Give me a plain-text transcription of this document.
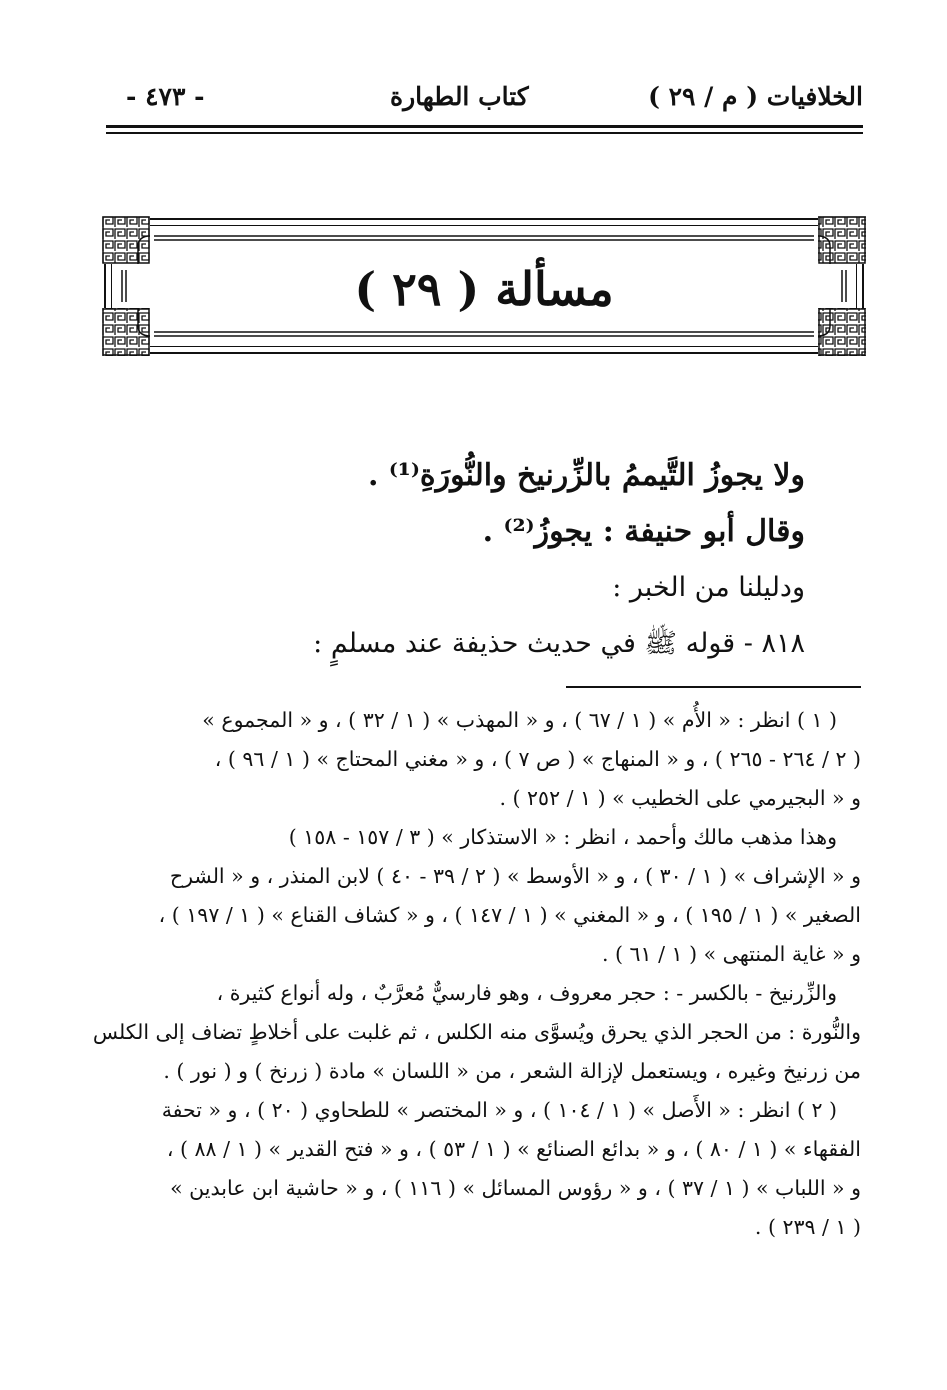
الخلافيات ( م / ٢٩ )
كتاب الطهارة
- ٤٧٣ -
مسألة ( ٢٩ )
ولا يجوزُ التَّيممُ بالزِّرنيخ والنُّورَةِ⁽¹⁾ .
وقال أبو حنيفة : يجوزُ⁽²⁾ .
ودليلنا من الخبر :
٨١٨ - قوله ﷺ في حديث حذيفة عند مسلمٍ :
( ١ ) انظر : « الأُم » ( ١ / ٦٧ ) ، و « المهذب » ( ١ / ٣٢ ) ، و « المجموع »
( ٢ / ٢٦٤ - ٢٦٥ ) ، و « المنهاج » ( ص ٧ ) ، و « مغني المحتاج » ( ١ / ٩٦ ) ،
و « البجيرمي على الخطيب » ( ١ / ٢٥٢ ) .
وهذا مذهب مالك وأحمد ، انظر : « الاستذكار » ( ٣ / ١٥٧ - ١٥٨ )
و « الإشراف » ( ١ / ٣٠ ) ، و « الأوسط » ( ٢ / ٣٩ - ٤٠ ) لابن المنذر ، و « الشرح
الصغير » ( ١ / ١٩٥ ) ، و « المغني » ( ١ / ١٤٧ ) ، و « كشاف القناع » ( ١ / ١٩٧ ) ،
و « غاية المنتهى » ( ١ / ٦١ ) .
والزِّرنيخ - بالكسر - : حجر معروف ، وهو فارسيٌّ مُعرَّبٌ ، وله أنواع كثيرة ،
والنُّورة : من الحجر الذي يحرق ويُسوَّى منه الكلس ، ثم غلبت على أخلاطٍ تضاف إلى الكلس
من زرنيخ وغيره ، ويستعمل لإزالة الشعر ، من « اللسان » مادة ( زرنخ ) و ( نور ) .
( ٢ ) انظر : « الأَصل » ( ١ / ١٠٤ ) ، و « المختصر » للطحاوي ( ٢٠ ) ، و « تحفة
الفقهاء » ( ١ / ٨٠ ) ، و « بدائع الصنائع » ( ١ / ٥٣ ) ، و « فتح القدير » ( ١ / ٨٨ ) ،
و « اللباب » ( ١ / ٣٧ ) ، و « رؤوس المسائل » ( ١١٦ ) ، و « حاشية ابن عابدين »
( ١ / ٢٣٩ ) .
